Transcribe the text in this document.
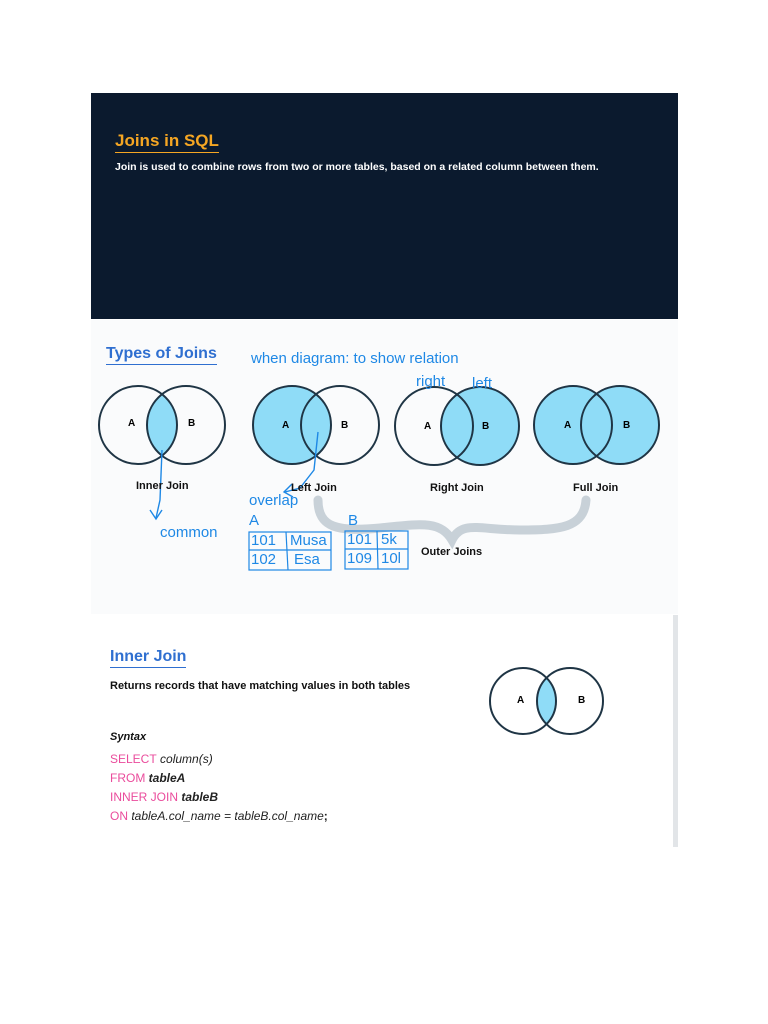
Joins in SQL
Join is used to combine rows from two or more tables, based on a related column between them.
Types of Joins when diagram: to show relation
right left
A	B	A	B	A	B	A	B
Inner Join	Left Join	Right Join	Full Join
overlap
A	B
common 101 Musa
102 Esa
101 5k
109 10l Outer Joins
Inner Join
Returns records that have matching values in both tables
A	B
Syntax
SELECT column(s)
FROM tableA
INNER JOIN tableB
ON tableA.col_name = tableB.col_name;
